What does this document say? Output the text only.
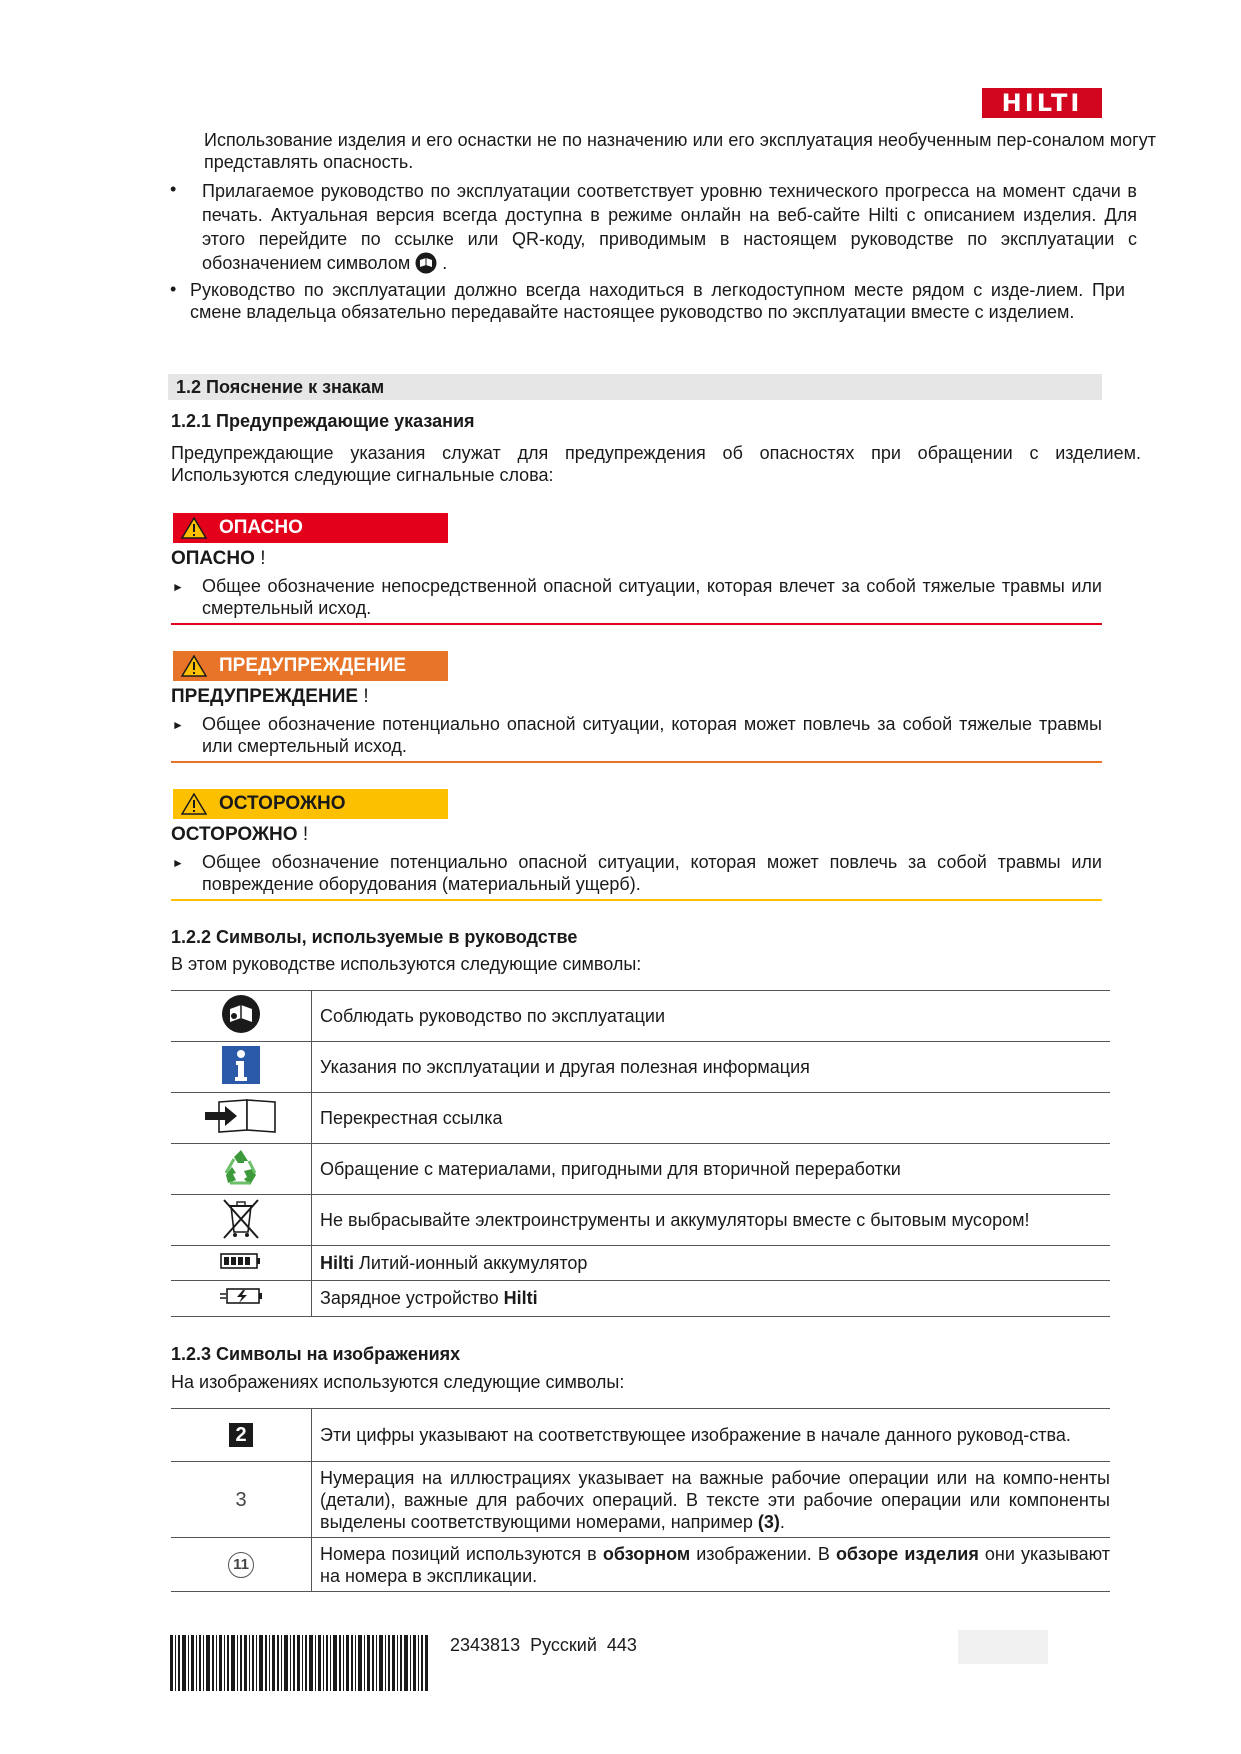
HILTI
Использование изделия и его оснастки не по назначению или его эксплуатация необученным пер-соналом могут представлять опасность.
• Прилагаемое руководство по эксплуатации соответствует уровню технического прогресса на момент сдачи в печать. Актуальная версия всегда доступна в режиме онлайн на веб-сайте Hilti с описанием изделия. Для этого перейдите по ссылке или QR-коду, приводимым в настоящем руководстве по эксплуатации с обозначением символом .
• Руководство по эксплуатации должно всегда находиться в легкодоступном месте рядом с изде-лием. При смене владельца обязательно передавайте настоящее руководство по эксплуатации вместе с изделием.
1.2 Пояснение к знакам
1.2.1 Предупреждающие указания
Предупреждающие указания служат для предупреждения об опасностях при обращении с изделием. Используются следующие сигнальные слова:
ОПАСНО
ОПАСНО !
► Общее обозначение непосредственной опасной ситуации, которая влечет за собой тяжелые травмы или смертельный исход.
ПРЕДУПРЕЖДЕНИЕ
ПРЕДУПРЕЖДЕНИЕ !
► Общее обозначение потенциально опасной ситуации, которая может повлечь за собой тяжелые травмы или смертельный исход.
ОСТОРОЖНО
ОСТОРОЖНО !
► Общее обозначение потенциально опасной ситуации, которая может повлечь за собой травмы или повреждение оборудования (материальный ущерб).
1.2.2 Символы, используемые в руководстве
В этом руководстве используются следующие символы:
	Соблюдать руководство по эксплуатации
	Указания по эксплуатации и другая полезная информация
	Перекрестная ссылка
	Обращение с материалами, пригодными для вторичной переработки
	Не выбрасывайте электроинструменты и аккумуляторы вместе с бытовым мусором!
	Hilti Литий-ионный аккумулятор
	Зарядное устройство Hilti
1.2.3 Символы на изображениях
На изображениях используются следующие символы:
2	Эти цифры указывают на соответствующее изображение в начале данного руковод-ства.
3	Нумерация на иллюстрациях указывает на важные рабочие операции или на компо-ненты (детали), важные для рабочих операций. В тексте эти рабочие операции или компоненты выделены соответствующими номерами, например (3).
11	Номера позиций используются в обзорном изображении. В обзоре изделия они указывают на номера в экспликации.
2343813 Русский 443
